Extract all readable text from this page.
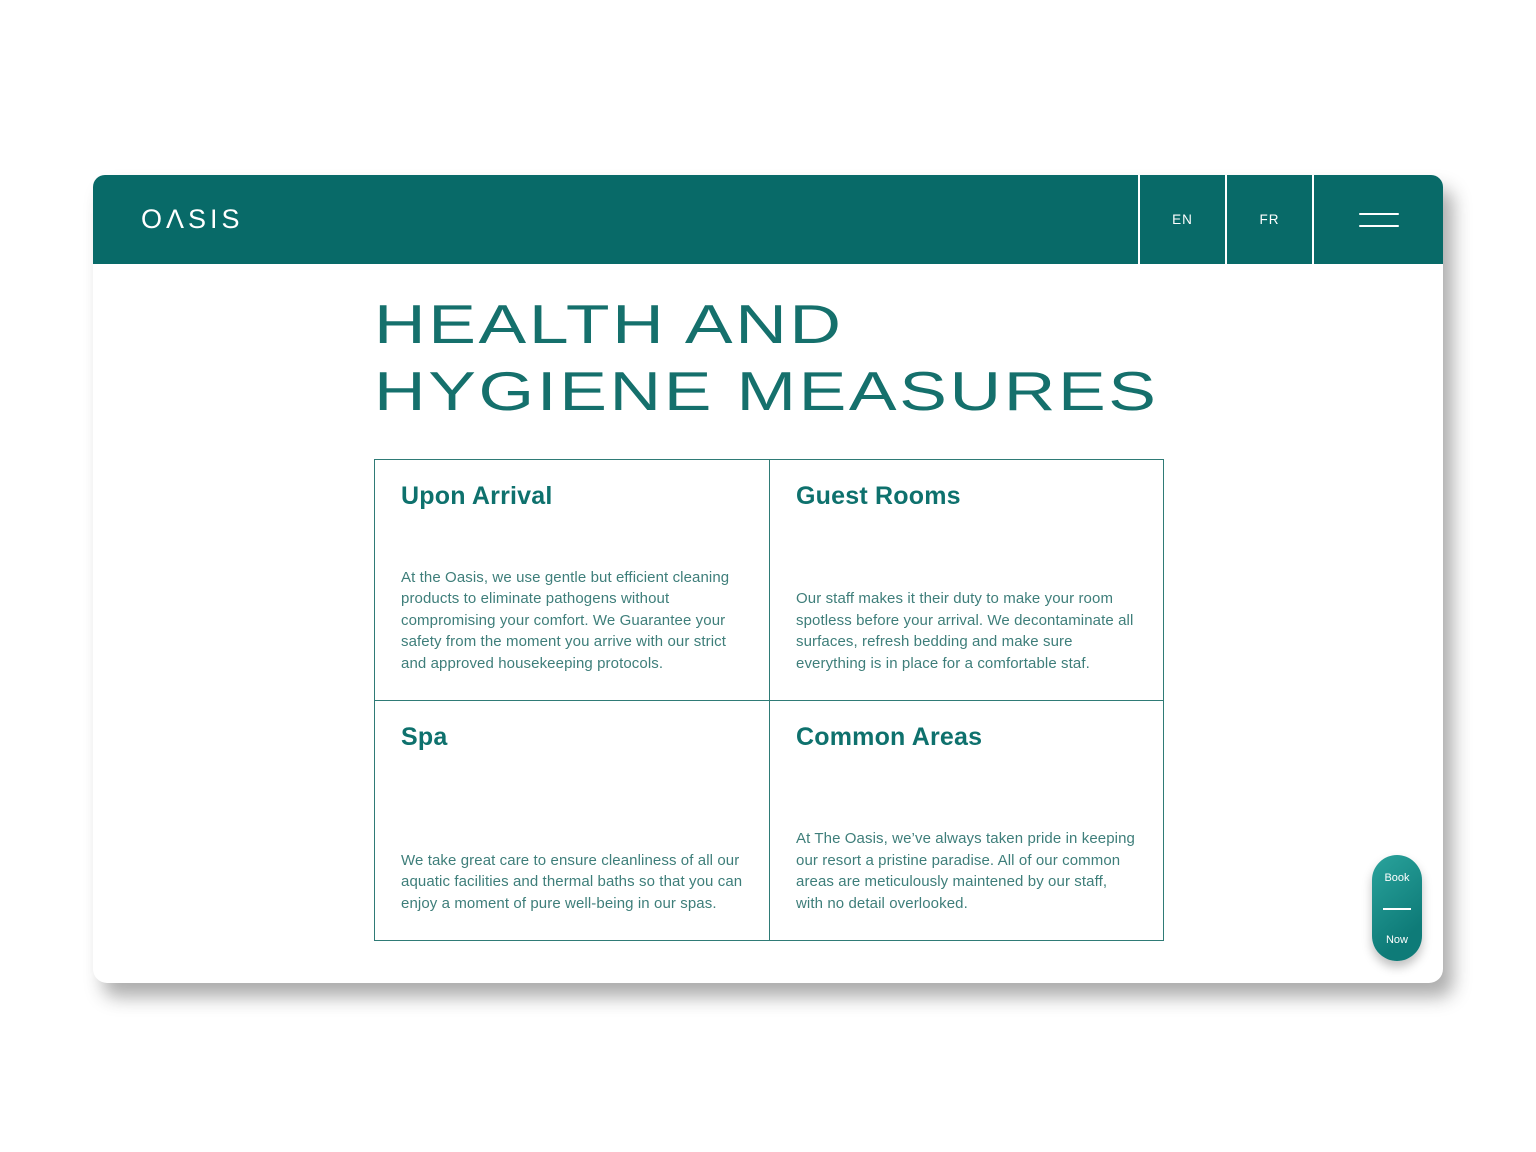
OΛSIS	EN	FR
HEALTH AND
HYGIENE MEASURES
Upon Arrival
At the Oasis, we use gentle but efficient cleaning products to eliminate pathogens without compromising your comfort. We Guarantee your safety from the moment you arrive with our strict and approved housekeeping protocols.
Guest Rooms
Our staff makes it their duty to make your room spotless before your arrival. We decontaminate all surfaces, refresh bedding and make sure everything is in place for a comfortable staf.
Spa
We take great care to ensure cleanliness of all our aquatic facilities and thermal baths so that you can enjoy a moment of pure well-being in our spas.
Common Areas
At The Oasis, we’ve always taken pride in keeping our resort a pristine paradise. All of our common areas are meticulously maintened by our staff, with no detail overlooked.
Book
Now
